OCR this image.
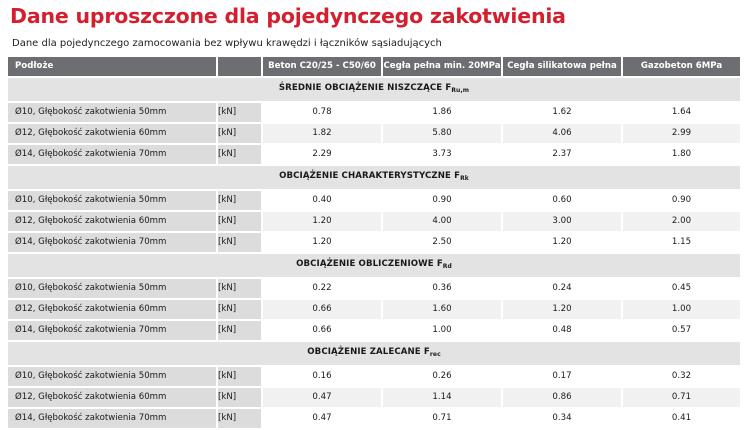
Dane uproszczone dla pojedynczego zakotwienia
Dane dla pojedynczego zamocowania bez wpływu krawędzi i łączników sąsiadujących
Podłoże		Beton C20/25 - C50/60	Cegła pełna min. 20MPa	Cegła silikatowa pełna	Gazobeton 6MPa
ŚREDNIE OBCIĄŻENIE NISZCZĄCE $F_{Ru,m}$
Ø10, Głębokość zakotwienia 50mm	[kN]	0.78	1.86	1.62	1.64
Ø12, Głębokość zakotwienia 60mm	[kN]	1.82	5.80	4.06	2.99
Ø14, Głębokość zakotwienia 70mm	[kN]	2.29	3.73	2.37	1.80
OBCIĄŻENIE CHARAKTERYSTYCZNE $F_{Rk}$
Ø10, Głębokość zakotwienia 50mm	[kN]	0.40	0.90	0.60	0.90
Ø12, Głębokość zakotwienia 60mm	[kN]	1.20	4.00	3.00	2.00
Ø14, Głębokość zakotwienia 70mm	[kN]	1.20	2.50	1.20	1.15
OBCIĄŻENIE OBLICZENIOWE $F_{Rd}$
Ø10, Głębokość zakotwienia 50mm	[kN]	0.22	0.36	0.24	0.45
Ø12, Głębokość zakotwienia 60mm	[kN]	0.66	1.60	1.20	1.00
Ø14, Głębokość zakotwienia 70mm	[kN]	0.66	1.00	0.48	0.57
OBCIĄŻENIE ZALECANE $F_{rec}$
Ø10, Głębokość zakotwienia 50mm	[kN]	0.16	0.26	0.17	0.32
Ø12, Głębokość zakotwienia 60mm	[kN]	0.47	1.14	0.86	0.71
Ø14, Głębokość zakotwienia 70mm	[kN]	0.47	0.71	0.34	0.41
